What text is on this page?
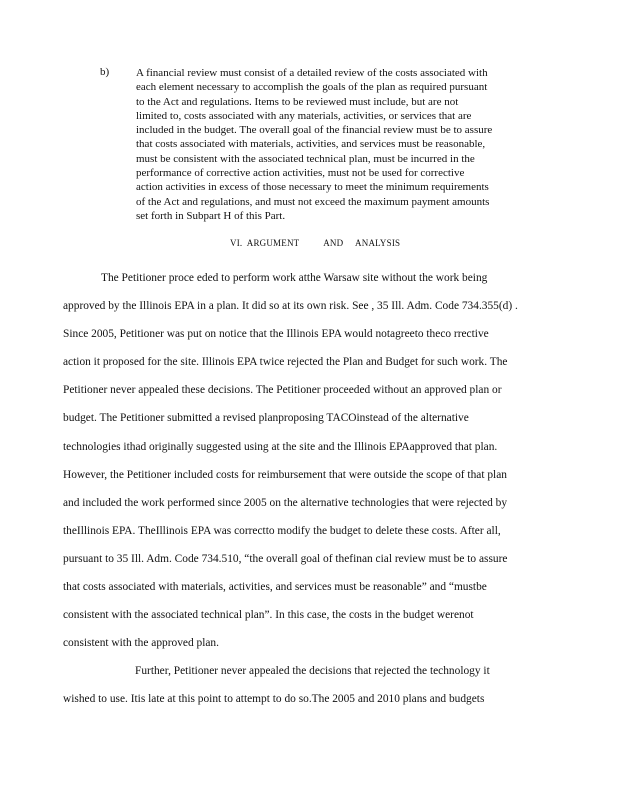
b) A financial review must consist of a detailed review of the costs associated with
each element necessary to accomplish the goals of the plan as required pursuant
to the Act and regulations. Items to be reviewed must include, but are not
limited to, costs associated with any materials, activities, or services that are
included in the budget. The overall goal of the financial review must be to assure
that costs associated with materials, activities, and services must be reasonable,
must be consistent with the associated technical plan, must be incurred in the
performance of corrective action activities, must not be used for corrective
action activities in excess of those necessary to meet the minimum requirements
of the Act and regulations, and must not exceed the maximum payment amounts
set forth in Subpart H of this Part.
VI.  ARGUMENT          AND     ANALYSIS
The Petitioner proce eded to perform work atthe Warsaw site without the work being
approved by the Illinois EPA in a plan. It did so at its own risk. See , 35 Ill. Adm. Code 734.355(d) .
Since 2005, Petitioner was put on notice that the Illinois EPA would notagreeto theco rrective
action it proposed for the site. Illinois EPA twice rejected the Plan and Budget for such work. The
Petitioner never appealed these decisions. The Petitioner proceeded without an approved plan or
budget. The Petitioner submitted a revised planproposing TACOinstead of the alternative
technologies ithad originally suggested using at the site and the Illinois EPAapproved that plan.
However, the Petitioner included costs for reimbursement that were outside the scope of that plan
and included the work performed since 2005 on the alternative technologies that were rejected by
theIllinois EPA. TheIllinois EPA was correctto modify the budget to delete these costs. After all,
pursuant to 35 Ill. Adm. Code 734.510, “the overall goal of thefinan cial review must be to assure
that costs associated with materials, activities, and services must be reasonable” and “mustbe
consistent with the associated technical plan”. In this case, the costs in the budget werenot
consistent with the approved plan.
Further, Petitioner never appealed the decisions that rejected the technology it
wished to use. Itis late at this point to attempt to do so.The 2005 and 2010 plans and budgets
